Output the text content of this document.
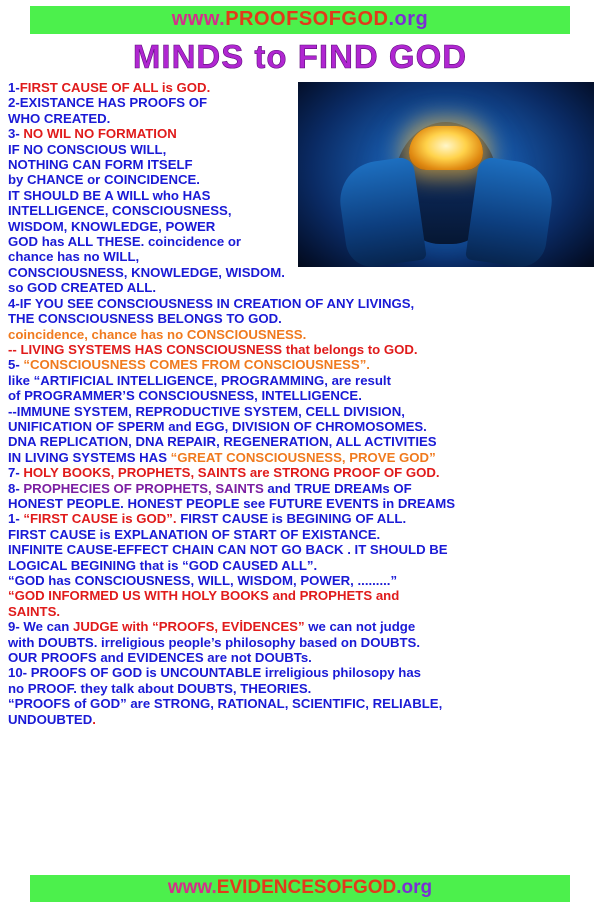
www.PROOFSOFGOD.org
MINDS to FIND GOD

1-FIRST CAUSE OF ALL is GOD.

2-EXISTANCE HAS PROOFS OF

WHO CREATED.

3- NO WIL NO FORMATION

IF NO CONSCIOUS WILL,

NOTHING CAN FORM ITSELF

by CHANCE or COINCIDENCE.

IT SHOULD BE A WILL who HAS

INTELLIGENCE, CONSCIOUSNESS, WISDOM, KNOWLEDGE, POWER

GOD has ALL THESE. coincidence or chance has no WILL,

CONSCIOUSNESS, KNOWLEDGE, WISDOM. so GOD CREATED ALL.

4-IF YOU SEE CONSCIOUSNESS IN CREATION OF ANY LIVINGS,

THE CONSCIOUSNESS BELONGS TO GOD.

coincidence, chance has no CONSCIOUSNESS.

-- LIVING SYSTEMS HAS CONSCIOUSNESS that belongs to GOD.

5- “CONSCIOUSNESS COMES FROM CONSCIOUSNESS”.

like “ARTIFICIAL INTELLIGENCE, PROGRAMMING, are result

of PROGRAMMER’S CONSCIOUSNESS, INTELLIGENCE.

--IMMUNE SYSTEM, REPRODUCTIVE SYSTEM, CELL DIVISION,

UNIFICATION OF SPERM and EGG, DIVISION OF CHROMOSOMES.

DNA REPLICATION, DNA REPAIR, REGENERATION, ALL ACTIVITIES

IN LIVING SYSTEMS HAS “GREAT CONSCIOUSNESS, PROVE GOD”

7- HOLY BOOKS, PROPHETS, SAINTS are STRONG PROOF OF GOD.

8- PROPHECIES OF PROPHETS, SAINTS and TRUE DREAMs OF

HONEST PEOPLE. HONEST PEOPLE see FUTURE EVENTS in DREAMS

1- “FIRST CAUSE is GOD”. FIRST CAUSE is BEGINING OF ALL.

FIRST CAUSE is EXPLANATION OF START OF EXISTANCE.

INFINITE CAUSE-EFFECT CHAIN CAN NOT GO BACK . IT SHOULD BE

LOGICAL BEGINING that is “GOD CAUSED ALL”.

“GOD has CONSCIOUSNESS, WILL, WISDOM, POWER, .........”

“GOD INFORMED US WITH HOLY BOOKS and PROPHETS and

SAINTS.

9- We can JUDGE with “PROOFS, EVİDENCES” we can not judge

with DOUBTS. irreligious people’s philosophy based on DOUBTS.

OUR PROOFS and EVIDENCES are not DOUBTs.

10- PROOFS OF GOD is UNCOUNTABLE irreligious philosopy has

no PROOF. they talk about DOUBTS, THEORIES.

“PROOFS of GOD” are STRONG, RATIONAL, SCIENTIFIC, RELIABLE,

UNDOUBTED.

www.EVIDENCESOFGOD.org
